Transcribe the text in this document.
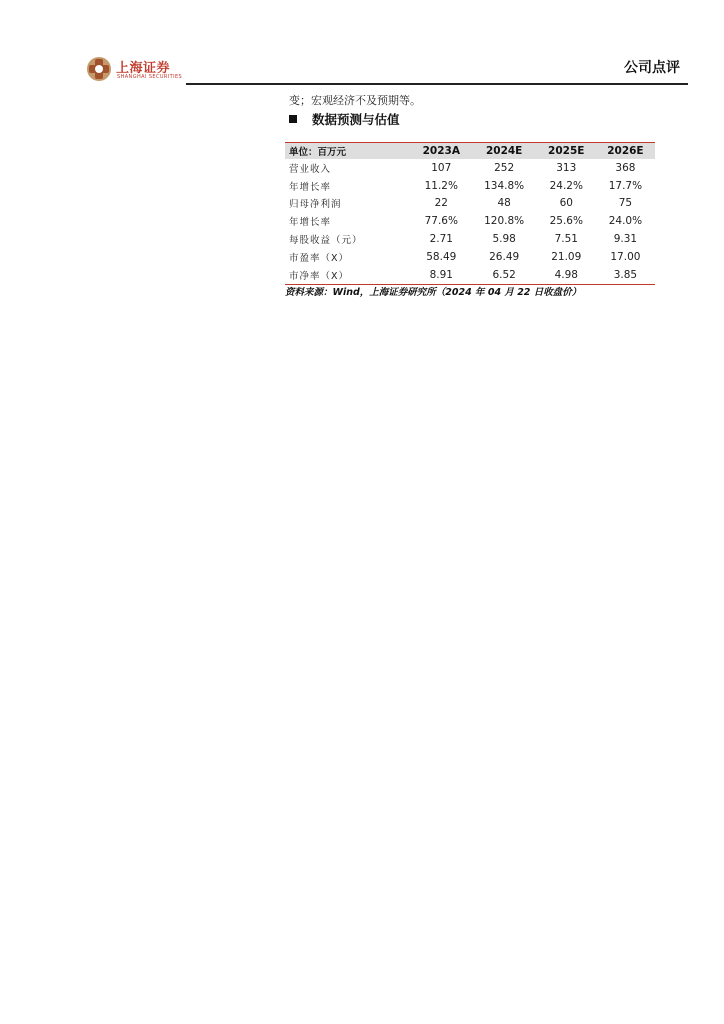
上海证券
SHANGHAI SECURITIES
公司点评
变；宏观经济不及预期等。
数据预测与估值
单位：百万元	2023A	2024E	2025E	2026E
营业收入	107	252	313	368
年增长率	11.2%	134.8%	24.2%	17.7%
归母净利润	22	48	60	75
年增长率	77.6%	120.8%	25.6%	24.0%
每股收益（元）	2.71	5.98	7.51	9.31
市盈率（X）	58.49	26.49	21.09	17.00
市净率（X）	8.91	6.52	4.98	3.85
资料来源：Wind，上海证券研究所（2024 年 04 月 22 日收盘价）
